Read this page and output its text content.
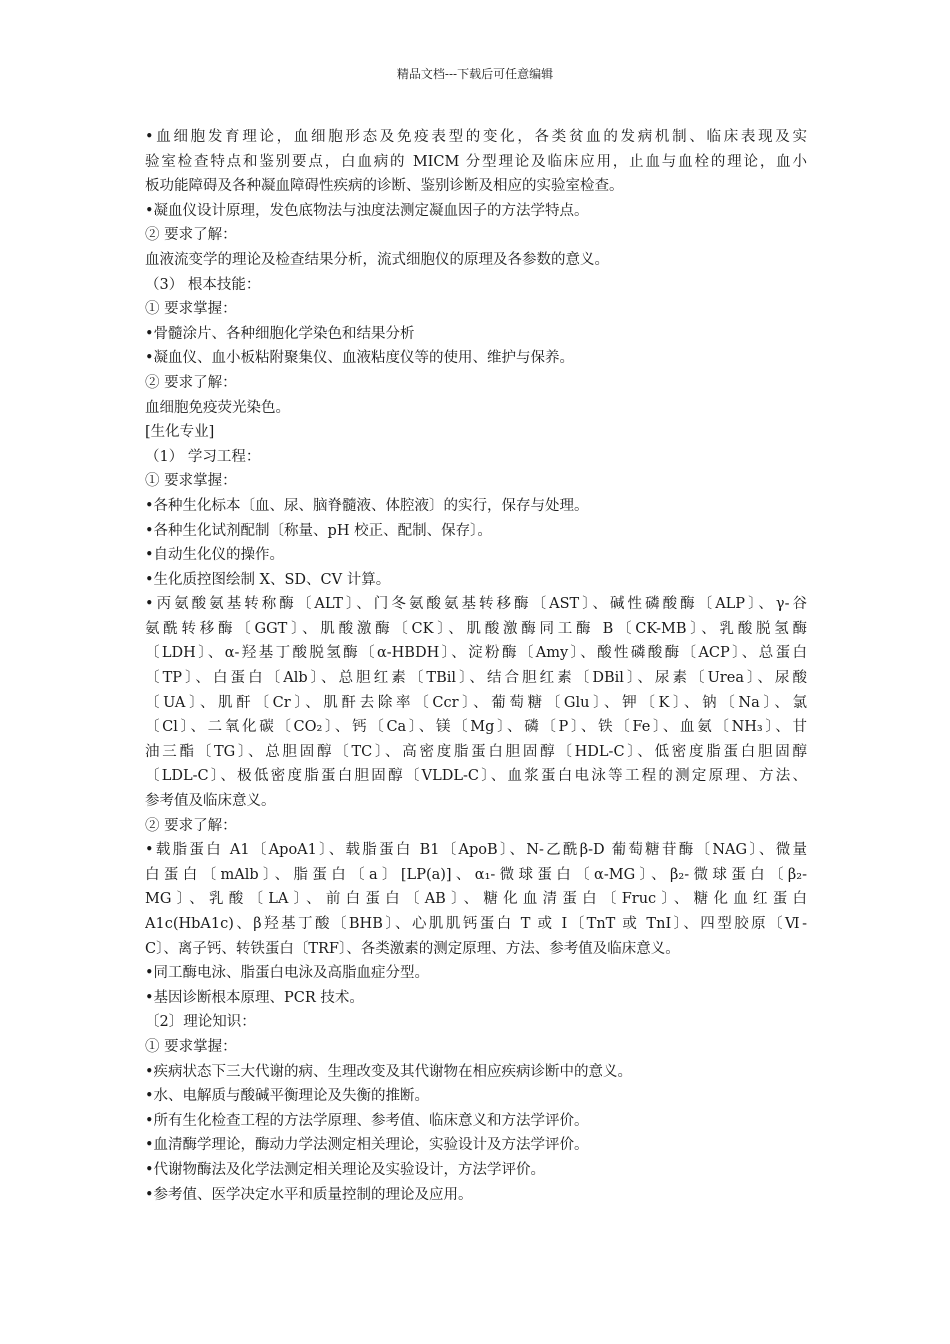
精品文档---下载后可任意编辑
•血细胞发育理论，血细胞形态及免疫表型的变化，各类贫血的发病机制、临床表现及实
验室检查特点和鉴别要点，白血病的 MICM 分型理论及临床应用，止血与血栓的理论，血小
板功能障碍及各种凝血障碍性疾病的诊断、鉴别诊断及相应的实验室检查。
•凝血仪设计原理，发色底物法与浊度法测定凝血因子的方法学特点。
② 要求了解：
血液流变学的理论及检查结果分析，流式细胞仪的原理及各参数的意义。
（3） 根本技能：
① 要求掌握：
•骨髓涂片、各种细胞化学染色和结果分析
•凝血仪、血小板粘附聚集仪、血液粘度仪等的使用、维护与保养。
② 要求了解：
血细胞免疫荧光染色。
[生化专业]
（1） 学习工程：
① 要求掌握：
•各种生化标本〔血、尿、脑脊髓液、体腔液〕的实行，保存与处理。
•各种生化试剂配制〔称量、pH 校正、配制、保存〕。
•自动生化仪的操作。
•生化质控图绘制 X、SD、CV 计算。
•丙氨酸氨基转称酶〔ALT〕、门冬氨酸氨基转移酶〔AST〕、碱性磷酸酶〔ALP〕、γ-谷
氨酰转移酶〔GGT〕、肌酸激酶〔CK〕、肌酸激酶同工酶 B〔CK-MB〕、乳酸脱氢酶
〔LDH〕、α-羟基丁酸脱氢酶〔α-HBDH〕、淀粉酶〔Amy〕、酸性磷酸酶〔ACP〕、总蛋白
〔TP〕、白蛋白〔Alb〕、总胆红素〔TBil〕、结合胆红素〔DBil〕、尿素〔Urea〕、尿酸
〔UA〕、肌酐〔Cr〕、肌酐去除率〔Ccr〕、葡萄糖〔Glu〕、钾〔K〕、钠〔Na〕、氯
〔Cl〕、二氧化碳〔CO₂〕、钙〔Ca〕、镁〔Mg〕、磷〔P〕、铁〔Fe〕、血氨〔NH₃〕、甘
油三酯〔TG〕、总胆固醇〔TC〕、高密度脂蛋白胆固醇〔HDL-C〕、低密度脂蛋白胆固醇
〔LDL-C〕、极低密度脂蛋白胆固醇〔VLDL-C〕、血浆蛋白电泳等工程的测定原理、方法、
参考值及临床意义。
② 要求了解：
•载脂蛋白 A1〔ApoA1〕、载脂蛋白 B1〔ApoB〕、N-乙酰β-D 葡萄糖苷酶〔NAG〕、微量
白蛋白〔mAlb〕、脂蛋白〔a〕[LP(a)]、α₁-微球蛋白〔α-MG〕、β₂-微球蛋白〔β₂-
MG〕、乳酸〔LA〕、前白蛋白〔AB〕、糖化血清蛋白〔Fruc〕、糖化血红蛋白
A1c(HbA1c)、β羟基丁酸〔BHB〕、心肌肌钙蛋白 T 或 I〔TnT 或 TnI〕、四型胶原〔Ⅵ-
C〕、离子钙、转铁蛋白〔TRF〕、各类激素的测定原理、方法、参考值及临床意义。
•同工酶电泳、脂蛋白电泳及高脂血症分型。
•基因诊断根本原理、PCR 技术。
〔2〕理论知识：
① 要求掌握：
•疾病状态下三大代谢的病、生理改变及其代谢物在相应疾病诊断中的意义。
•水、电解质与酸碱平衡理论及失衡的推断。
•所有生化检查工程的方法学原理、参考值、临床意义和方法学评价。
•血清酶学理论，酶动力学法测定相关理论，实验设计及方法学评价。
•代谢物酶法及化学法测定相关理论及实验设计，方法学评价。
•参考值、医学决定水平和质量控制的理论及应用。
